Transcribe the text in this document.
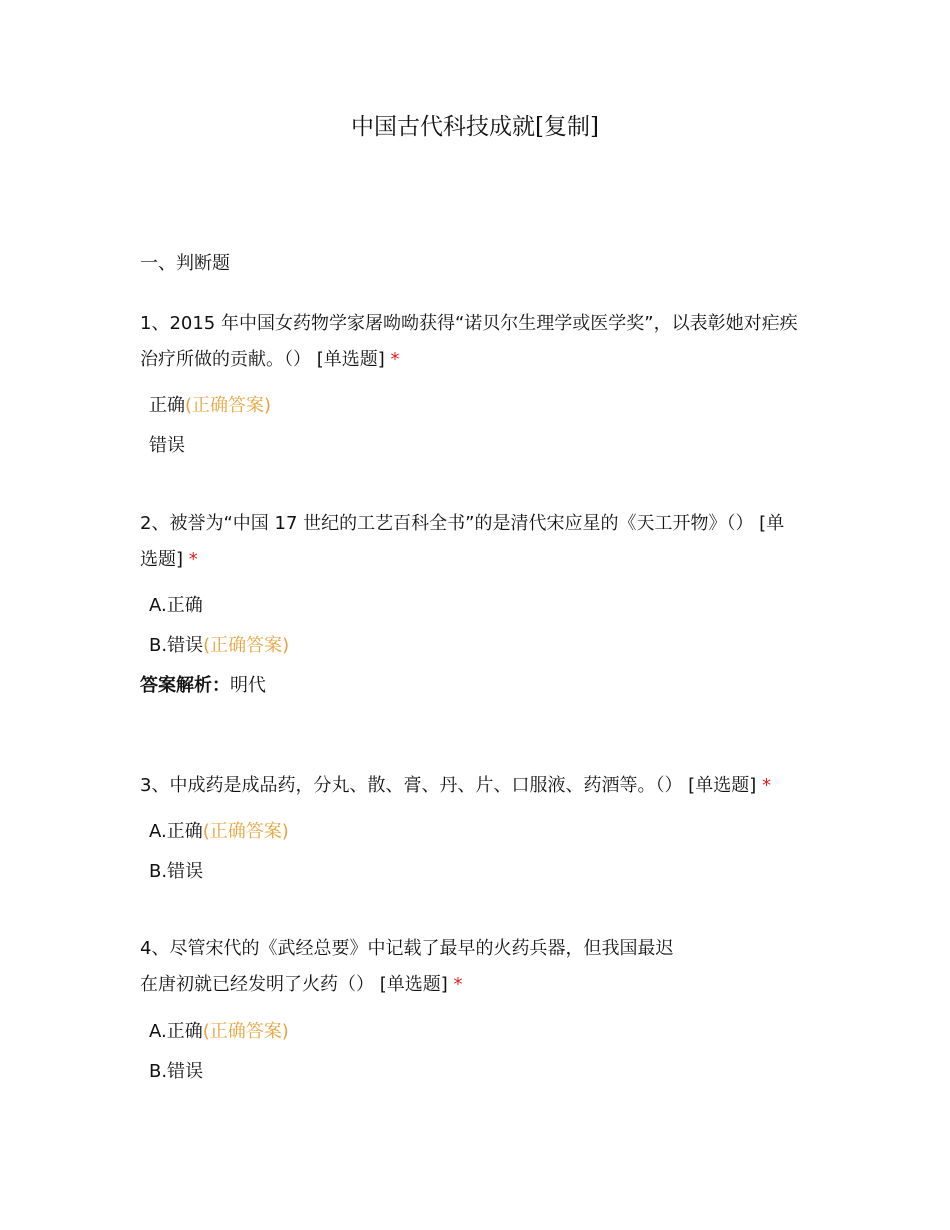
中国古代科技成就[复制]
一、判断题
1、2015 年中国女药物学家屠呦呦获得“诺贝尔生理学或医学奖”，以表彰她对疟疾
治疗所做的贡献。（） [单选题] *
正确(正确答案)
错误
2、被誉为“中国 17 世纪的工艺百科全书”的是清代宋应星的《天工开物》（） [单
选题] *
A.正确
B.错误(正确答案)
答案解析：明代
3、中成药是成品药，分丸、散、膏、丹、片、口服液、药酒等。（） [单选题] *
A.正确(正确答案)
B.错误
4、尽管宋代的《武经总要》中记载了最早的火药兵器，但我国最迟
在唐初就已经发明了火药（） [单选题] *
A.正确(正确答案)
B.错误
